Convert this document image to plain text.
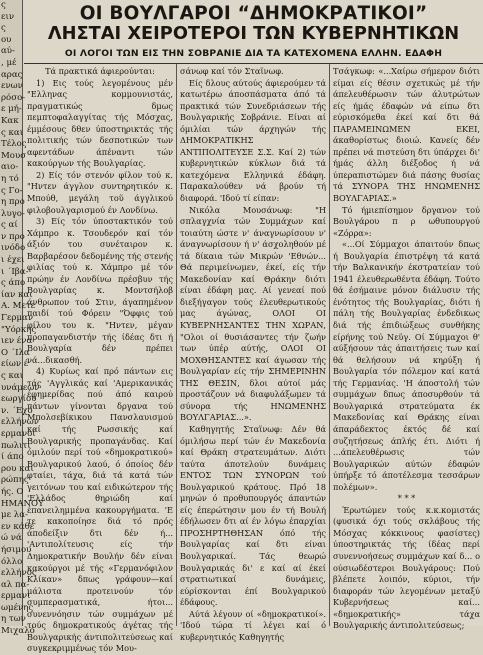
ς

ειν

ς

ου

αύ-

, μέ

αρας

ενων

ρόσο-

ε μή-

Κακ

ς και

Τέλος

Μουσ

αιο-

η τό

ς Γο-

η προ

λυγο-

ς αί

ν προ

ινόδο

ι έχει

ι ΄Ιβα-

ς άπο

ίαν και

Α. Μετε

Γερμαν

"Υόρκης

ιεν ένα

Ο ΄Ιλα

είων έ

ς και

υνάμεων

εωργίου

ν. ΄Εχό

ελλήνων

ερμανοί

πωλιτι

ί άπο

ρου και

ρώπης

ής. Ο

ΗΜΑΝΟΥ

με λα-

εν κάθε

ώ νά

ήσιμου

όλλο

ελλήνος

αλ πα-

ερμανι

ωμένης

η των

Μιχαλό

ΟΙ ΒΟΥΛΓΑΡΟΙ “ΔΗΜΟΚΡΑΤΙΚΟΙ”
ΛΗΣΤΑΙ ΧΕΙΡΟΤΕΡΟΙ ΤΩΝ ΚΥΒΕΡΝΗΤΙΚΩΝ
ΟΙ ΛΟΓΟΙ ΤΩΝ ΕΙΣ ΤΗΝ ΣΟΒΡΑΝΙΕ ΔΙΑ ΤΑ ΚΑΤΕΧΟΜΕΝΑ ΕΛΛΗΝ. ΕΔΑΦΗ

Τά πρακτικά άφιερούνται:

1) Εις τούς λεγομένους μέν "Ελληνας κομμουνιστάς, πραγματικώς δμως πεμπτοφαλαγγίτας τής Μόσχας, έμμέσους δθεν ύποστηρικτάς τής πολιτικής τών δεσποτικών των αφεντάδων άπέναντι τών κακούργων τής Βουλγαρίας.

2) Είς τόν στενόν φίλον τού κ. "Ηντεν άγγλον συντηρητικόν κ. Μπούθ, μεγάλη τοῦ άγγλικού φιλοβουλγαρισμού έν Λονδίνω.

3) Είς τόν ύποστακτικόν τού Χάμπρο κ. Τσουδερόν καί τόν άξιόν του συνέταιρον κ. Βαρβαρέσον δεδομένης τής στενής φιλίας τού κ. Χάμπρο μέ τόν πρώην έν Λονδίνω πρέσβυν τής Βουλγαρίας κ. Μοντσήλοβ άνθρωπον τού Στιν, άγαπημένον παιδί τού Φόρειν "Όφφις τού φίλου του κ. "Ηντεν, μέγαν προπαγανδιστήν τής ίδέας δτι ή Βουλγαρία δέν πρέπει νά...δικασθή.

4) Κυρίως καί πρό πάντων εις τάς 'Αγγλικάς καί 'Αμερικανικάς έφημερίδας πού άπό καιρού πάντων γίνονται δργανα τού Μπολσεβίκικου Πανσλαυισμού καί τής Ρωσσικής καί Βουλγαρικής προπαγάνδας. Καί όμιλούν περί τού «δημοκρατικού» Βουλγαρικού λαού, ό όποίος δέν φταίει, τάχα, διά τά κατά τών γειτόνων του καί ειδικώτερον τής 'Ελλάδος θηριώδη καί έπανειλημμένα κακουργήματα. 'Ε τε κακοποίησε διά τό πρός άποδείξιν δτι δέν ή... 'Αντιπολίτευσις είς τήν Δημοκρατικήν Βουλήν δέν είναι κακούργοι μέ τής «Γερμανόφιλον Κλίκαν» δπως γράφουν—καί μάλιστα προτεινούν τόν συμπερασματικά, ήτοι... συνεννόησιν τών συμμάχων μέ τούς δημοκρατικούς άγέτας τής Βουλγαρικής άντιπολιτεύσεως καί συγκεκριμμένως τόν Μου-

σάνωφ καί τόν Σταϊνωφ.

Είς δλους αύτούς άφιερούμεν τά κατωτέρω άποσπάσματα άπό τά πρακτικά τών Συνεδριάσεων τής Βουλγαρικής Σοβράνιε. Είναι αί όμιλίαι τών άρχηγών τής ΔΗΜΟΚΡΑΤΙΚΗΣ ΑΝΤΙΠΟΛΙΤΕΥΣΕ Σ.Σ. Καί 2) τών κυβερνητικών κύκλων διά τά κατεχόμενα Ελληνικά έδάφη. Παρακαλούθεν νά βρούν τή διαφορά. 'Ιδού τί είπαν:

Νικόλα Μουσάνωφ: "Η σπλαγχνία τών Συμμάχων καί τοιαύτη ώστε ν' άναγνωρίσουν ν' άναγνωρίσουν ή ν' άσχοληθούν μέ τά δίκαια τών Μικρών 'Εθνών... Θά περιμείνωμεν, έκεί, είς τήν Μακεδονίαν καί Θράκην διότι είναι έδάφη μας. Αί γενεαί πού διεξήγαγον τούς έλευθερωτικούς μας άγώνας, ΟΛΟΙ ΟΙ ΚΥΒΕΡΝΗΣΑΝΤΕΣ ΤΗΝ ΧΩΡΑΝ, "Ολοι οί θυσιάσαντες τήν ζωήν των ύπέρ αύτής, ΟΛΟΙ ΟΙ ΜΟΧΘΗΣΑΝΤΕΣ καί άγωσαν τής Βουλγαρίαν είς τήν ΣΗΜΕΡΙΝΗΝ ΤΗΣ ΘΕΣΙΝ, δλοι αύτοί μάς προστάζουν νά διαφυλάξωμεν τά σύνορα τής ΗΝΩΜΕΝΗΣ ΒΟΥΛΓΑΡΙΑΣ...».

Καθηγητής Σταϊνωφ: Δέν θά όμιλήσω περί τών έν Μακεδονία καί Θράκη στρατευμάτων. Διότι ταύτα άποτελούν δυνάμεις ΕΝΤΟΣ ΤΩΝ ΣΥΝΟΡΩΝ τού Βουλγαρικού κράτους. Πρό 18 μηνών ό προθυπουργός άπαντών είς έπερώτησιν μου έν τή Βουλή έδήλωσεν δτι αί έν λόγω έπαρχίαι ΠΡΟΣΗΡΤΗΘΗΣΑΝ όπό τής Βουλγαρίας καί δτι είναι Βουλγαρικαί. Τάς θεωρώ Βουλγαρικάς δι' ε καί αί έκεί στρατιωτικαί δυνάμεις, εύρίσκονται έπί Βουλγαρικού έδάφους.

Αύτά λέγουν οί «δημοκρατικοί». 'Ιδού τώρα τί λέγει καί ό κυβερνητικός Καθηγητής

Τσάγκωφ: «...Χαίρω σήμερον διότι είμαι είς θέσιν σχετικώς μέ τήν άπελευθέρωσιν τών άλυτρώτων είς ήμάς έδαφών νά είπω δτι εύρισκόμεθα έκεί καί δτι θά ΠΑΡΑΜΕΙΝΩΜΕΝ ΕΚΕΙ, άκαθορίστως διοιώ. Κανείς δέν πρέπει νά πιστεύση δτι ύπάρχει δι' ήμάς άλλη διέξοδος ή νά ύπεραπιστώμεν διά πάσης θυσίας τά ΣΥΝΟΡΑ ΤΗΣ ΗΝΩΜΕΝΗΣ ΒΟΥΛΓΑΡΙΑΣ.»

Τό ήμιεπίσημον δργανον τού Βουλγάρου π ρ ωθυπουργού «Ζόρρα»:

«...Οί Σύμμαχοι άπαιτούν δπως ή Βουλγαρία έπιστρέψη τά κατά τήν Βαλκανικήν έκστρατείαν τού 1941 έλευθερωθέντα έδάφη. Τούτο θά έσήμαινε μόνον διάλυσιν τής ένότητος τής Βουλγαρίας, διότι ή πάλη τής Βουλγαρίας ένδεδικως διά τής έπιδιώξεως συνθήκης είρήνης τού Νεϋγ. Οί Σύμμαχοι θ' αύξήσουν τάς άπαιτήσεις των καί θά θελήσουν νά κηρύξη ή Βουλγαρία τόν πόλεμον καί κατά τής Γερμανίας. 'Η άποστολή τών συμμάχων δπως άποσυρθούν τά Βουλγαρικά στρατεύματα έκ Μακεδονίας καί Θράκης είναι άπαράδεκτος έκτός δέ καί συζητήσεως άπλής έτι. Διότι ή ...άπελευθέρωσις τών Βουλγαρικών αύτών έδαφών ύπήρξε τό άποτέλεσμα τεσσάρων πολέμων».

* * *

Έρωτώμεν τούς κ.κ.κομιστάς (φυσικά όχι τούς σκλάβους τής Μόσχας κόκκινους φασίστες) ύποστηρικτάς τής ίδέας περί συνεννοήσεως συμμάχων καί δ... ο ούσιωδέστεροι Βουλγάρους: Πού βλέπετε λοιπόν, κύριοι, τήν διαφοράν τών λεγομένων μεταξύ Κυβερνήσεως καί... «δημοκρατικής» τάχα Βουλγαρικής άντιπολιτεύσεως;
